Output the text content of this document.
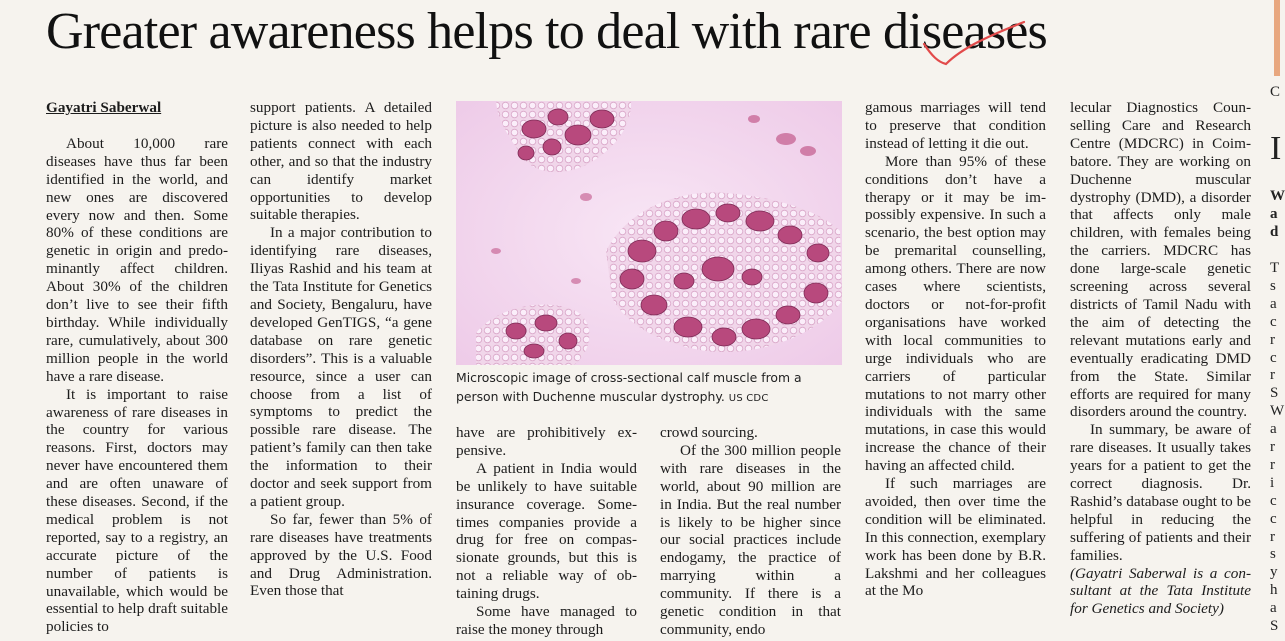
Greater awareness helps to deal with rare diseases

Gayatri Saberwal

About 10,000 rare diseases have thus far been identified in the world, and new ones are discovered every now and then. Some 80% of these conditions are genetic in origin and predominantly affect children. About 30% of the children don’t live to see their fifth birthday. While individually rare, cumulatively, about 300 million people in the world have a rare disease.

It is important to raise awareness of rare diseases in the country for various reasons. First, doctors may never have encountered them and are often unaware of these diseases. Second, if the medical problem is not reported, say to a registry, an accurate picture of the number of patients is unavailable, which would be essential to help draft suitable policies to

support patients. A detailed picture is also needed to help patients connect with each other, and so that the industry can identify market opportunities to develop suitable therapies.

In a major contribution to identifying rare diseases, Iliyas Rashid and his team at the Tata Institute for Genetics and Society, Bengaluru, have developed GenTIGS, “a gene database on rare genetic disorders”. This is a valuable resource, since a user can choose from a list of symptoms to predict the possible rare disease. The patient’s family can then take the information to their doctor and seek support from a patient group.

So far, fewer than 5% of rare diseases have treatments approved by the U.S. Food and Drug Administration. Even those that

Microscopic image of cross-sectional calf muscle from a person with Duchenne muscular dystrophy. US CDC

have are prohibitively expensive.

A patient in India would be unlikely to have suitable insurance coverage. Sometimes companies provide a drug for free on compassionate grounds, but this is not a reliable way of obtaining drugs.

Some have managed to raise the money through

crowd sourcing.

Of the 300 million people with rare diseases in the world, about 90 million are in India. But the real number is likely to be higher since our social practices include endogamy, the practice of marrying within a community. If there is a genetic condition in that community, endo

gamous marriages will tend to preserve that condition instead of letting it die out.

More than 95% of these conditions don’t have a therapy or it may be impossibly expensive. In such a scenario, the best option may be premarital counselling, among others. There are now cases where scientists, doctors or not-for-profit organisations have worked with local communities to urge individuals who are carriers of particular mutations to not marry other individuals with the same mutations, in case this would increase the chance of their having an affected child.

If such marriages are avoided, then over time the condition will be eliminated. In this connection, exemplary work has been done by B.R. Lakshmi and her colleagues at the Mo

lecular Diagnostics Counselling Care and Research Centre (MDCRC) in Coimbatore. They are working on Duchenne muscular dystrophy (DMD), a disorder that affects only male children, with females being the carriers. MDCRC has done large-scale genetic screening across several districts of Tamil Nadu with the aim of detecting the relevant mutations early and eventually eradicating DMD from the State. Similar efforts are required for many disorders around the country.

In summary, be aware of rare diseases. It usually takes years for a patient to get the correct diagnosis. Dr. Rashid’s database ought to be helpful in reducing the suffering of patients and their families.

(Gayatri Saberwal is a consultant at the Tata Institute for Genetics and Society)

C
I
W
a
d
T
s
a
c
r
c
r
S
W
a
r
r
i
c
c
r
s
y
h
a
S
